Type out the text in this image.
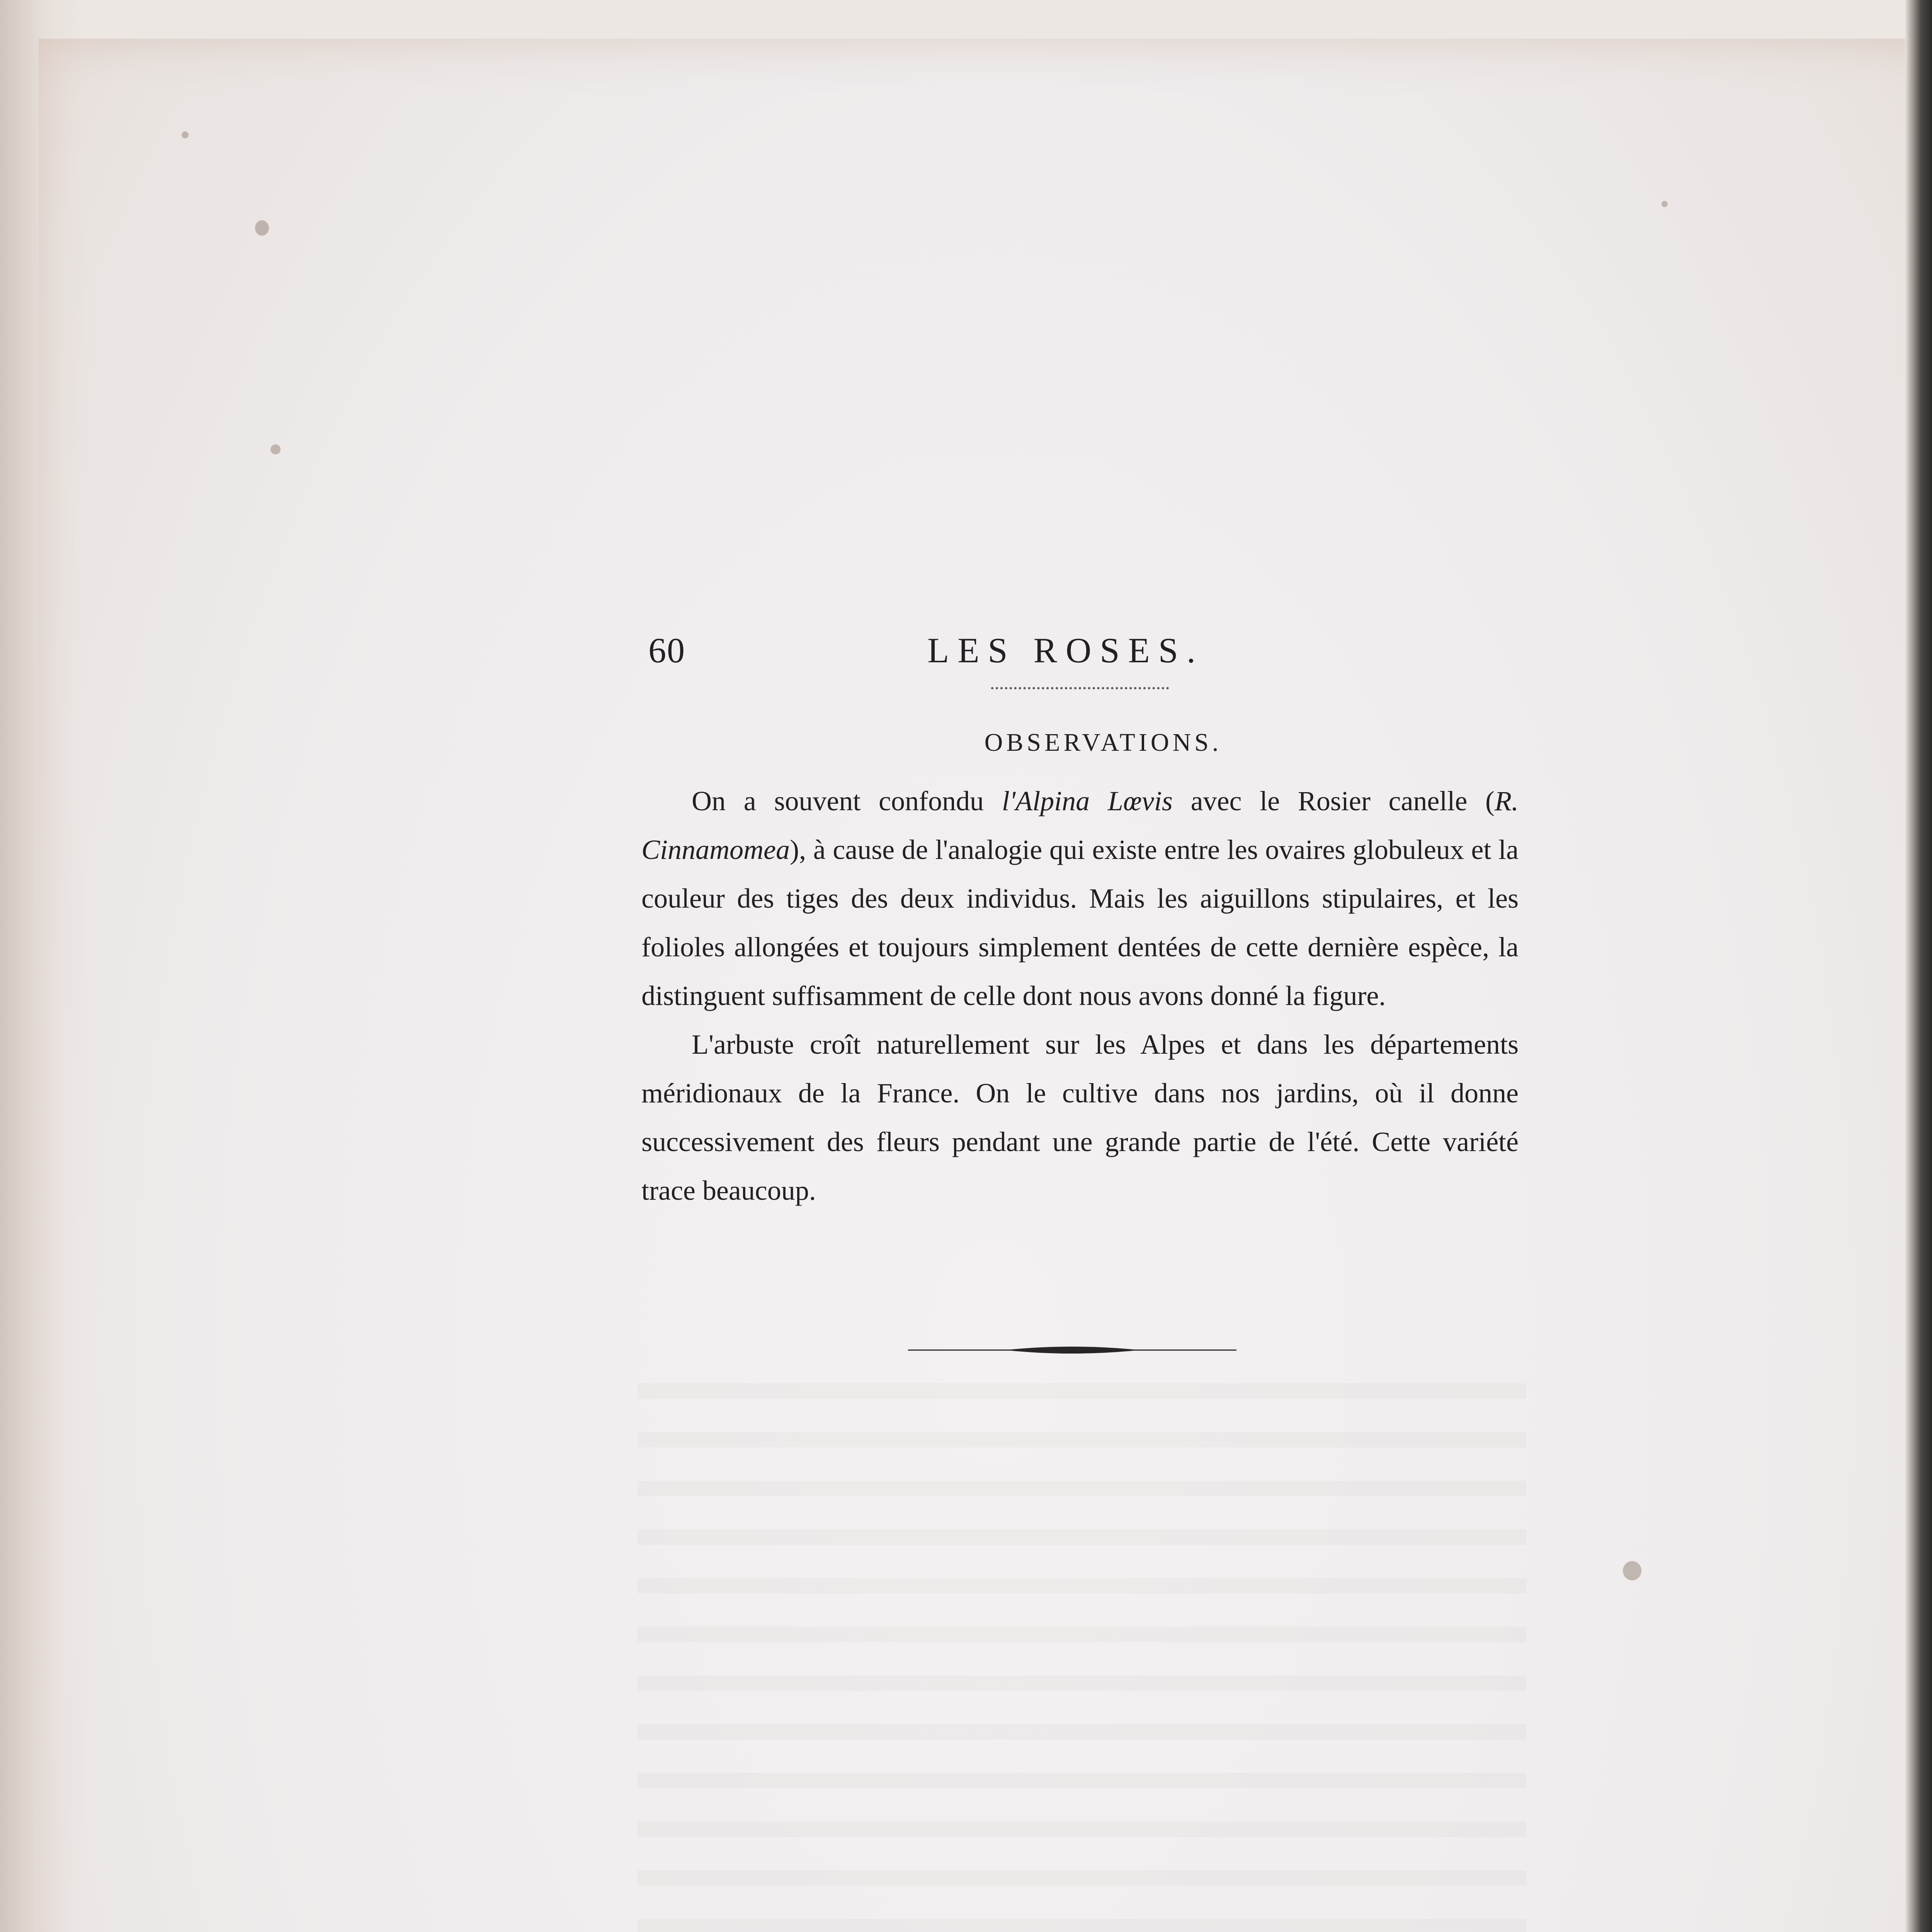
60	LES ROSES.
OBSERVATIONS.

On a souvent confondu l'Alpina Lœvis avec le Rosier canelle (R. Cinnamomea), à cause de l'analogie qui existe entre les ovaires globuleux et la couleur des tiges des deux individus. Mais les aiguillons stipulaires, et les folioles allongées et toujours simplement dentées de cette dernière espèce, la distinguent suffisamment de celle dont nous avons donné la figure.

L'arbuste croît naturellement sur les Alpes et dans les départements méridionaux de la France. On le cultive dans nos jardins, où il donne successivement des fleurs pendant une grande partie de l'été. Cette variété trace beaucoup.
